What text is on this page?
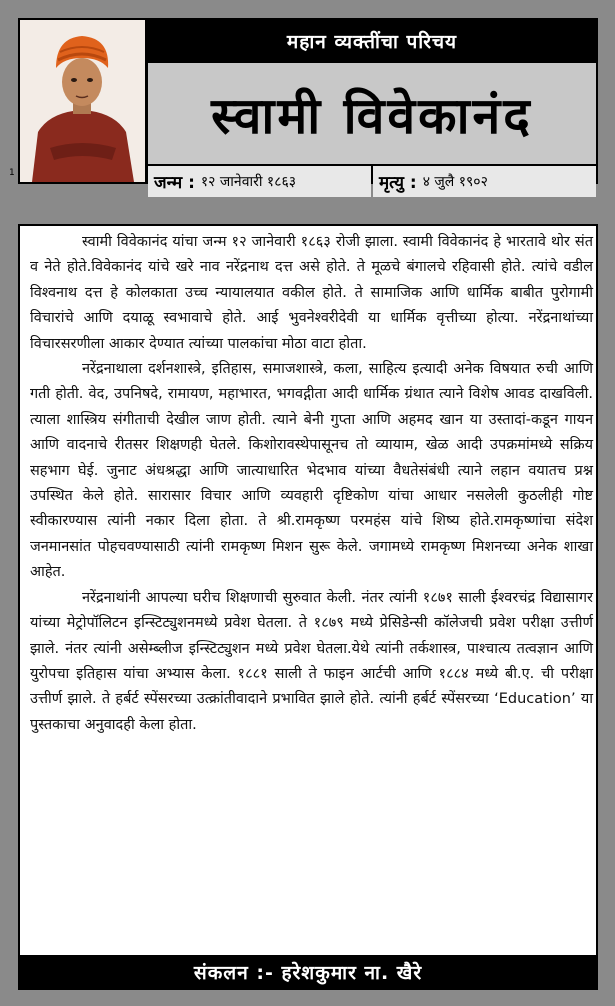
महान व्यक्तींचा परिचय
स्वामी विवेकानंद
जन्म : १२ जानेवारी १८६३	मृत्यु : ४ जुलै १९०२
1

स्वामी विवेकानंद यांचा जन्म १२ जानेवारी १८६३ रोजी झाला. स्वामी विवेकानंद हे भारतावे थोर संत व नेते होते.विवेकानंद यांचे खरे नाव नरेंद्रनाथ दत्त असे होते. ते मूळचे बंगालचे रहिवासी होते. त्यांचे वडील विश्वनाथ दत्त हे कोलकाता उच्च न्यायालयात वकील होते. ते सामाजिक आणि धार्मिक बाबीत पुरोगामी विचारांचे आणि दयाळू स्वभावाचे होते. आई भुवनेश्वरीदेवी या धार्मिक वृत्तीच्या होत्या. नरेंद्रनाथांच्या विचारसरणीला आकार देण्यात त्यांच्या पालकांचा मोठा वाटा होता.

नरेंद्रनाथाला दर्शनशास्त्रे, इतिहास, समाजशास्त्रे, कला, साहित्य इत्यादी अनेक विषयात रुची आणि गती होती. वेद, उपनिषदे, रामायण, महाभारत, भगवद्गीता आदी धार्मिक ग्रंथात त्याने विशेष आवड दाखविली. त्याला शास्त्रिय संगीताची देखील जाण होती. त्याने बेनी गुप्ता आणि अहमद खान या उस्तादां-कडून गायन आणि वादनाचे रीतसर शिक्षणही घेतले. किशोरावस्थेपासूनच तो व्यायाम, खेळ आदी उपक्रमांमध्ये सक्रिय सहभाग घेई. जुनाट अंधश्रद्धा आणि जात्याधारित भेदभाव यांच्या वैधतेसंबंधी त्याने लहान वयातच प्रश्न उपस्थित केले होते. सारासार विचार आणि व्यवहारी दृष्टिकोण यांचा आधार नसलेली कुठलीही गोष्ट स्वीकारण्यास त्यांनी नकार दिला होता. ते श्री.रामकृष्ण परमहंस यांचे शिष्य होते.रामकृष्णांचा संदेश जनमानसांत पोहचवण्यासाठी त्यांनी रामकृष्ण मिशन सुरू केले. जगामध्ये रामकृष्ण मिशनच्या अनेक शाखा आहेत.

नरेंद्रनाथांनी आपल्या घरीच शिक्षणाची सुरुवात केली. नंतर त्यांनी १८७१ साली ईश्वरचंद्र विद्यासागर यांच्या मेट्रोपॉलिटन इन्स्टिट्युशनमध्ये प्रवेश घेतला. ते १८७९ मध्ये प्रेसिडेन्सी कॉलेजची प्रवेश परीक्षा उत्तीर्ण झाले. नंतर त्यांनी असेम्ब्लीज इन्स्टिट्युशन मध्ये प्रवेश घेतला.येथे त्यांनी तर्कशास्त्र, पाश्चात्य तत्वज्ञान आणि युरोपचा इतिहास यांचा अभ्यास केला. १८८१ साली ते फाइन आर्टची आणि १८८४ मध्ये बी.ए. ची परीक्षा उत्तीर्ण झाले. ते हर्बर्ट स्पेंसरच्या उत्क्रांतीवादाने प्रभावित झाले होते. त्यांनी हर्बर्ट स्पेंसरच्या ‘Education’ या पुस्तकाचा अनुवादही केला होता.

संकलन :- हरेशकुमार ना. खैरे
